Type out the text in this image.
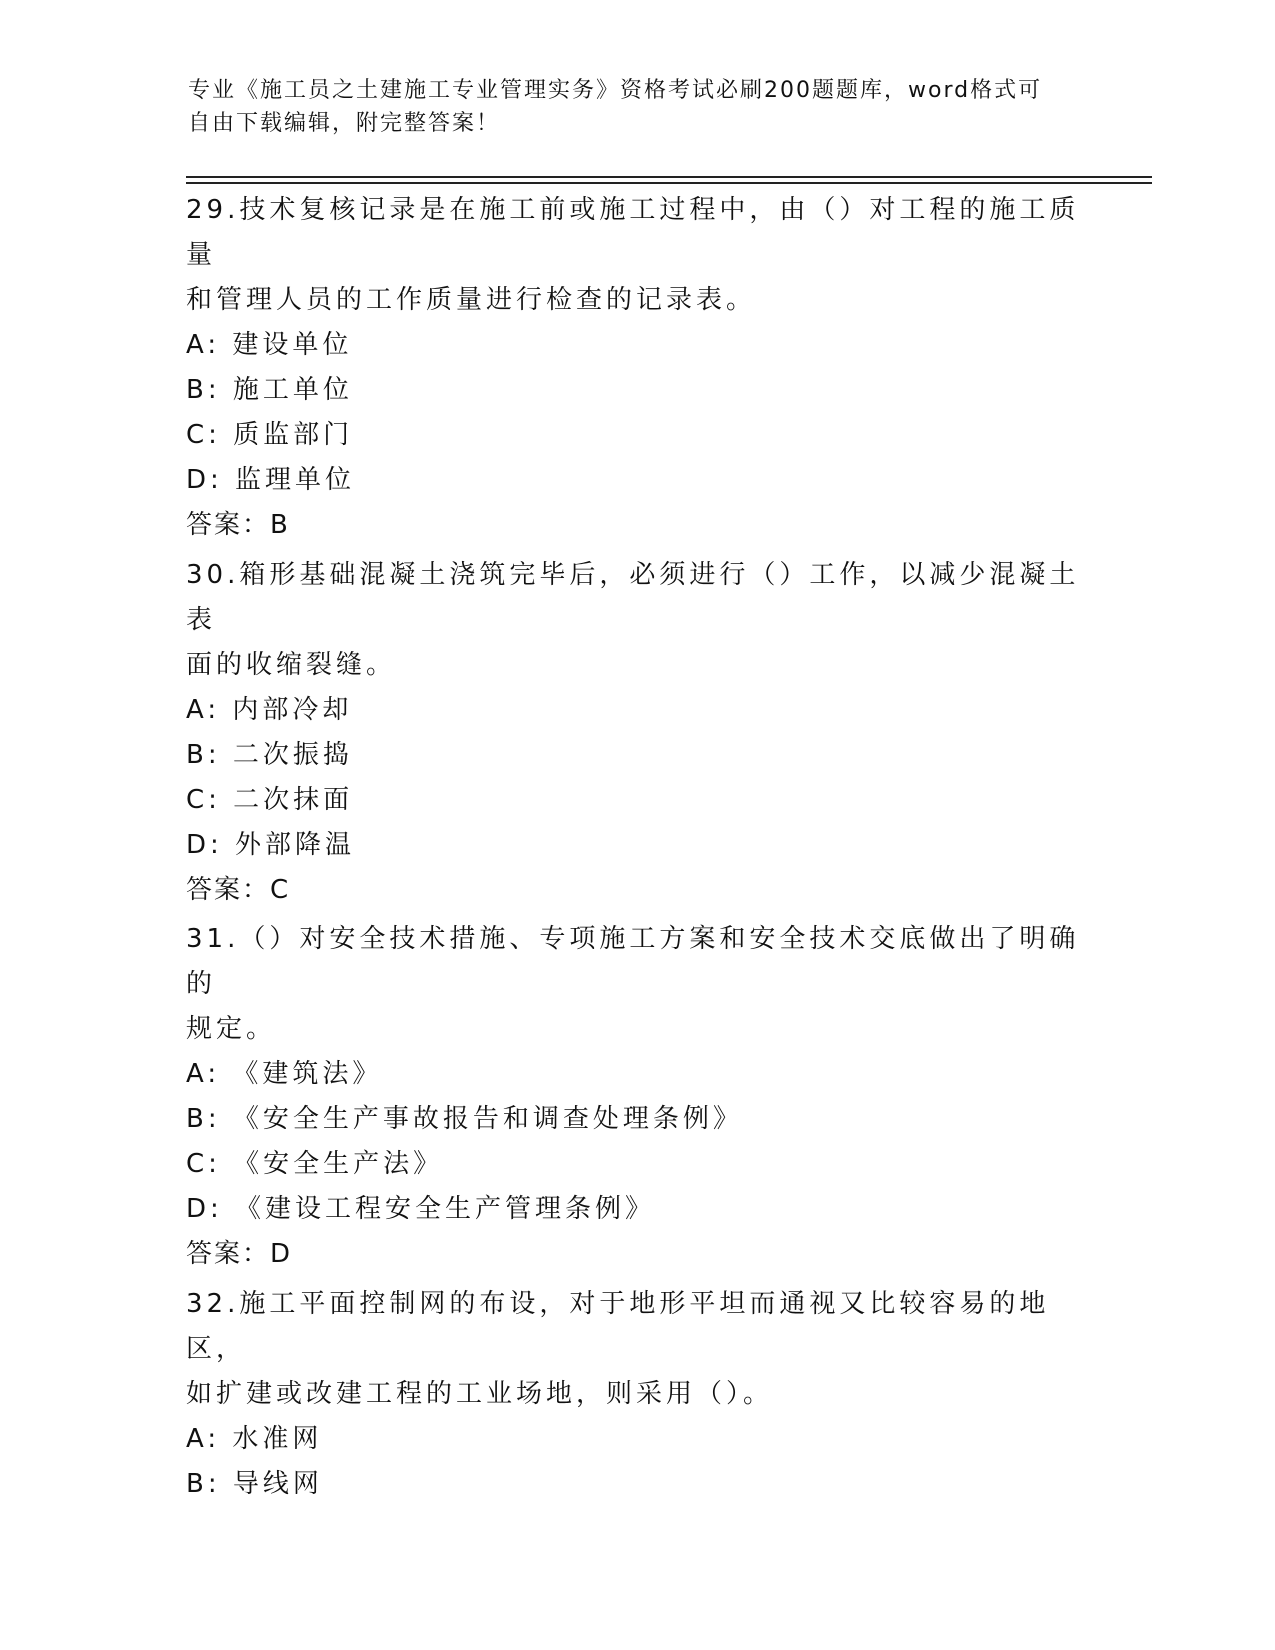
专业《施工员之土建施工专业管理实务》资格考试必刷200题题库，word格式可
自由下载编辑，附完整答案！

29.技术复核记录是在施工前或施工过程中，由（）对工程的施工质量
和管理人员的工作质量进行检查的记录表。

A: 建设单位

B: 施工单位

C: 质监部门

D: 监理单位

答案：B

30.箱形基础混凝土浇筑完毕后，必须进行（）工作，以减少混凝土表
面的收缩裂缝。

A: 内部冷却

B: 二次振捣

C: 二次抹面

D: 外部降温

答案：C

31.（）对安全技术措施、专项施工方案和安全技术交底做出了明确的
规定。

A: 《建筑法》

B: 《安全生产事故报告和调查处理条例》

C: 《安全生产法》

D: 《建设工程安全生产管理条例》

答案：D

32.施工平面控制网的布设，对于地形平坦而通视又比较容易的地区，
如扩建或改建工程的工业场地，则采用（）。

A: 水准网

B: 导线网
